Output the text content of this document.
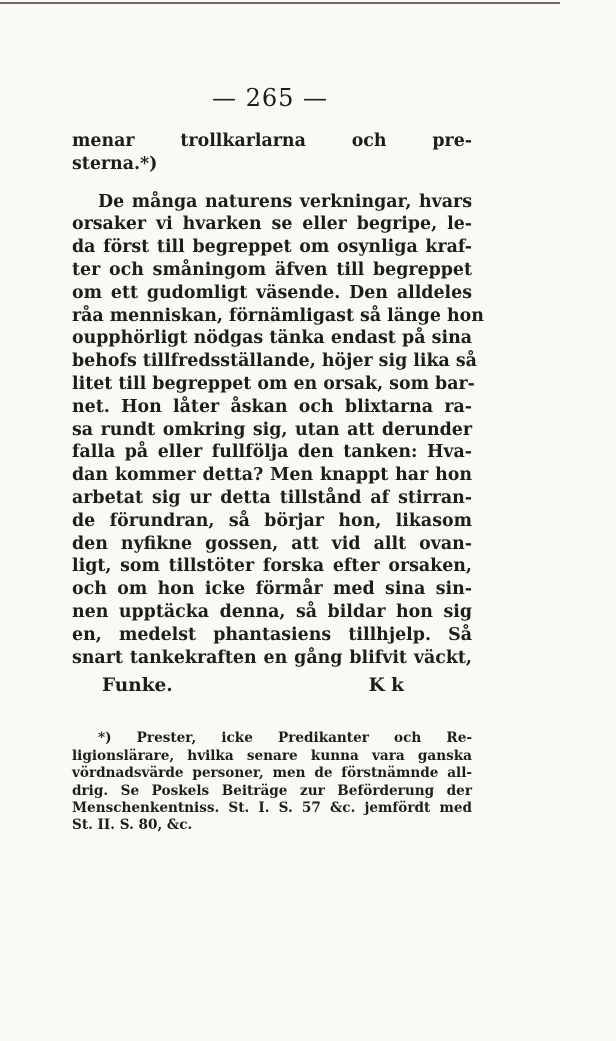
— 265 —
menar trollkarlarna och pre-
sterna.*)
De många naturens verkningar, hvars
orsaker vi hvarken se eller begripe, le-
da först till begreppet om osynliga kraf-
ter och småningom äfven till begreppet
om ett gudomligt väsende. Den alldeles
råa menniskan, förnämligast så länge hon
oupphörligt nödgas tänka endast på sina
behofs tillfredsställande, höjer sig lika så
litet till begreppet om en orsak, som bar-
net. Hon låter åskan och blixtarna ra-
sa rundt omkring sig, utan att derunder
falla på eller fullfölja den tanken: Hva-
dan kommer detta? Men knappt har hon
arbetat sig ur detta tillstånd af stirran-
de förundran, så börjar hon, likasom
den nyfikne gossen, att vid allt ovan-
ligt, som tillstöter forska efter orsaken,
och om hon icke förmår med sina sin-
nen upptäcka denna, så bildar hon sig
en, medelst phantasiens tillhjelp. Så
snart tankekraften en gång blifvit väckt,
Funke.	K k
*) Prester, icke Predikanter och Re-
ligionslärare, hvilka senare kunna vara ganska
vördnadsvärde personer, men de förstnämnde all-
drig. Se Poskels Beiträge zur Beförderung der
Menschenkentniss. St. I. S. 57 &c. jemfördt med
St. II. S. 80, &c.
